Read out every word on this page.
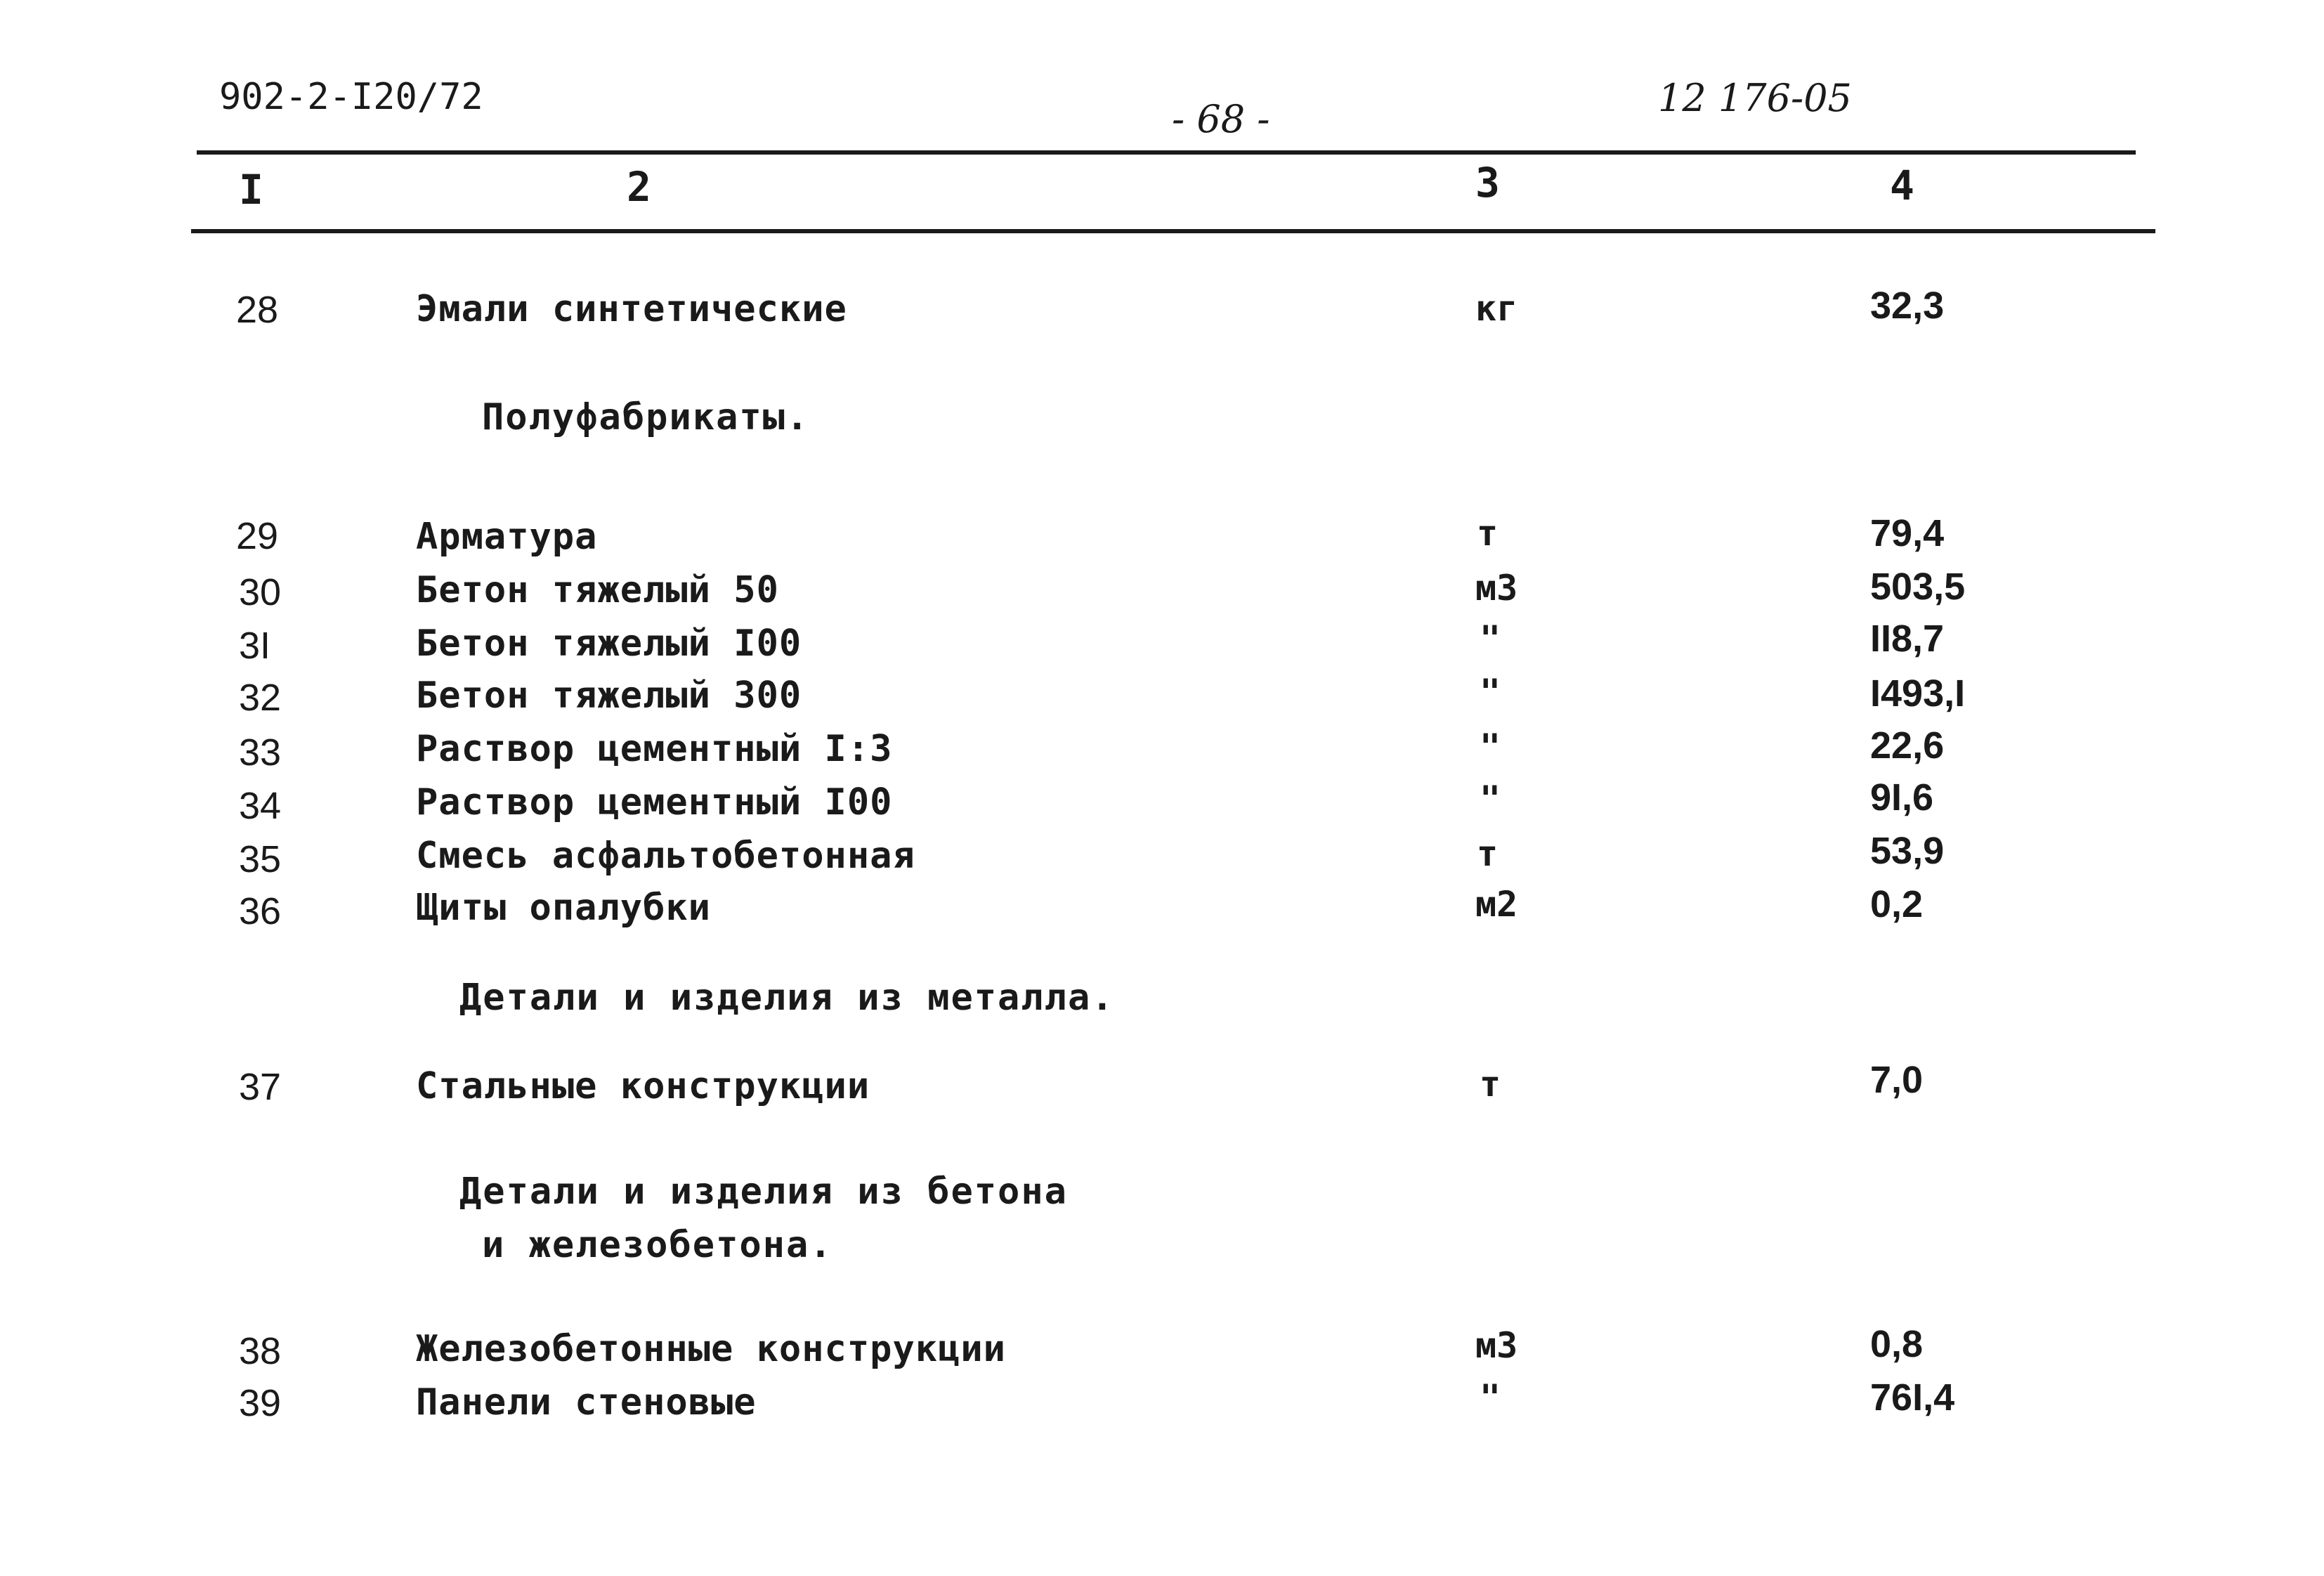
902-2-I20/72	- 68 -	12 176-05
I	2	3	4
28	Эмали синтетические	кг	32,3
Полуфабрикаты.
29	Арматура	т	79,4
30	Бетон тяжелый 50	м3	503,5
3I	Бетон тяжелый I00	"	II8,7
32	Бетон тяжелый 300	"	I493,I
33	Раствор цементный I:3	"	22,6
34	Раствор цементный I00	"	9I,6
35	Смесь асфальтобетонная	т	53,9
36	Щиты опалубки	м2	0,2
Детали и изделия из металла.
37	Стальные конструкции	т	7,0
Детали и изделия из бетона
и железобетона.
38	Железобетонные конструкции	м3	0,8
39	Панели стеновые	"	76I,4
